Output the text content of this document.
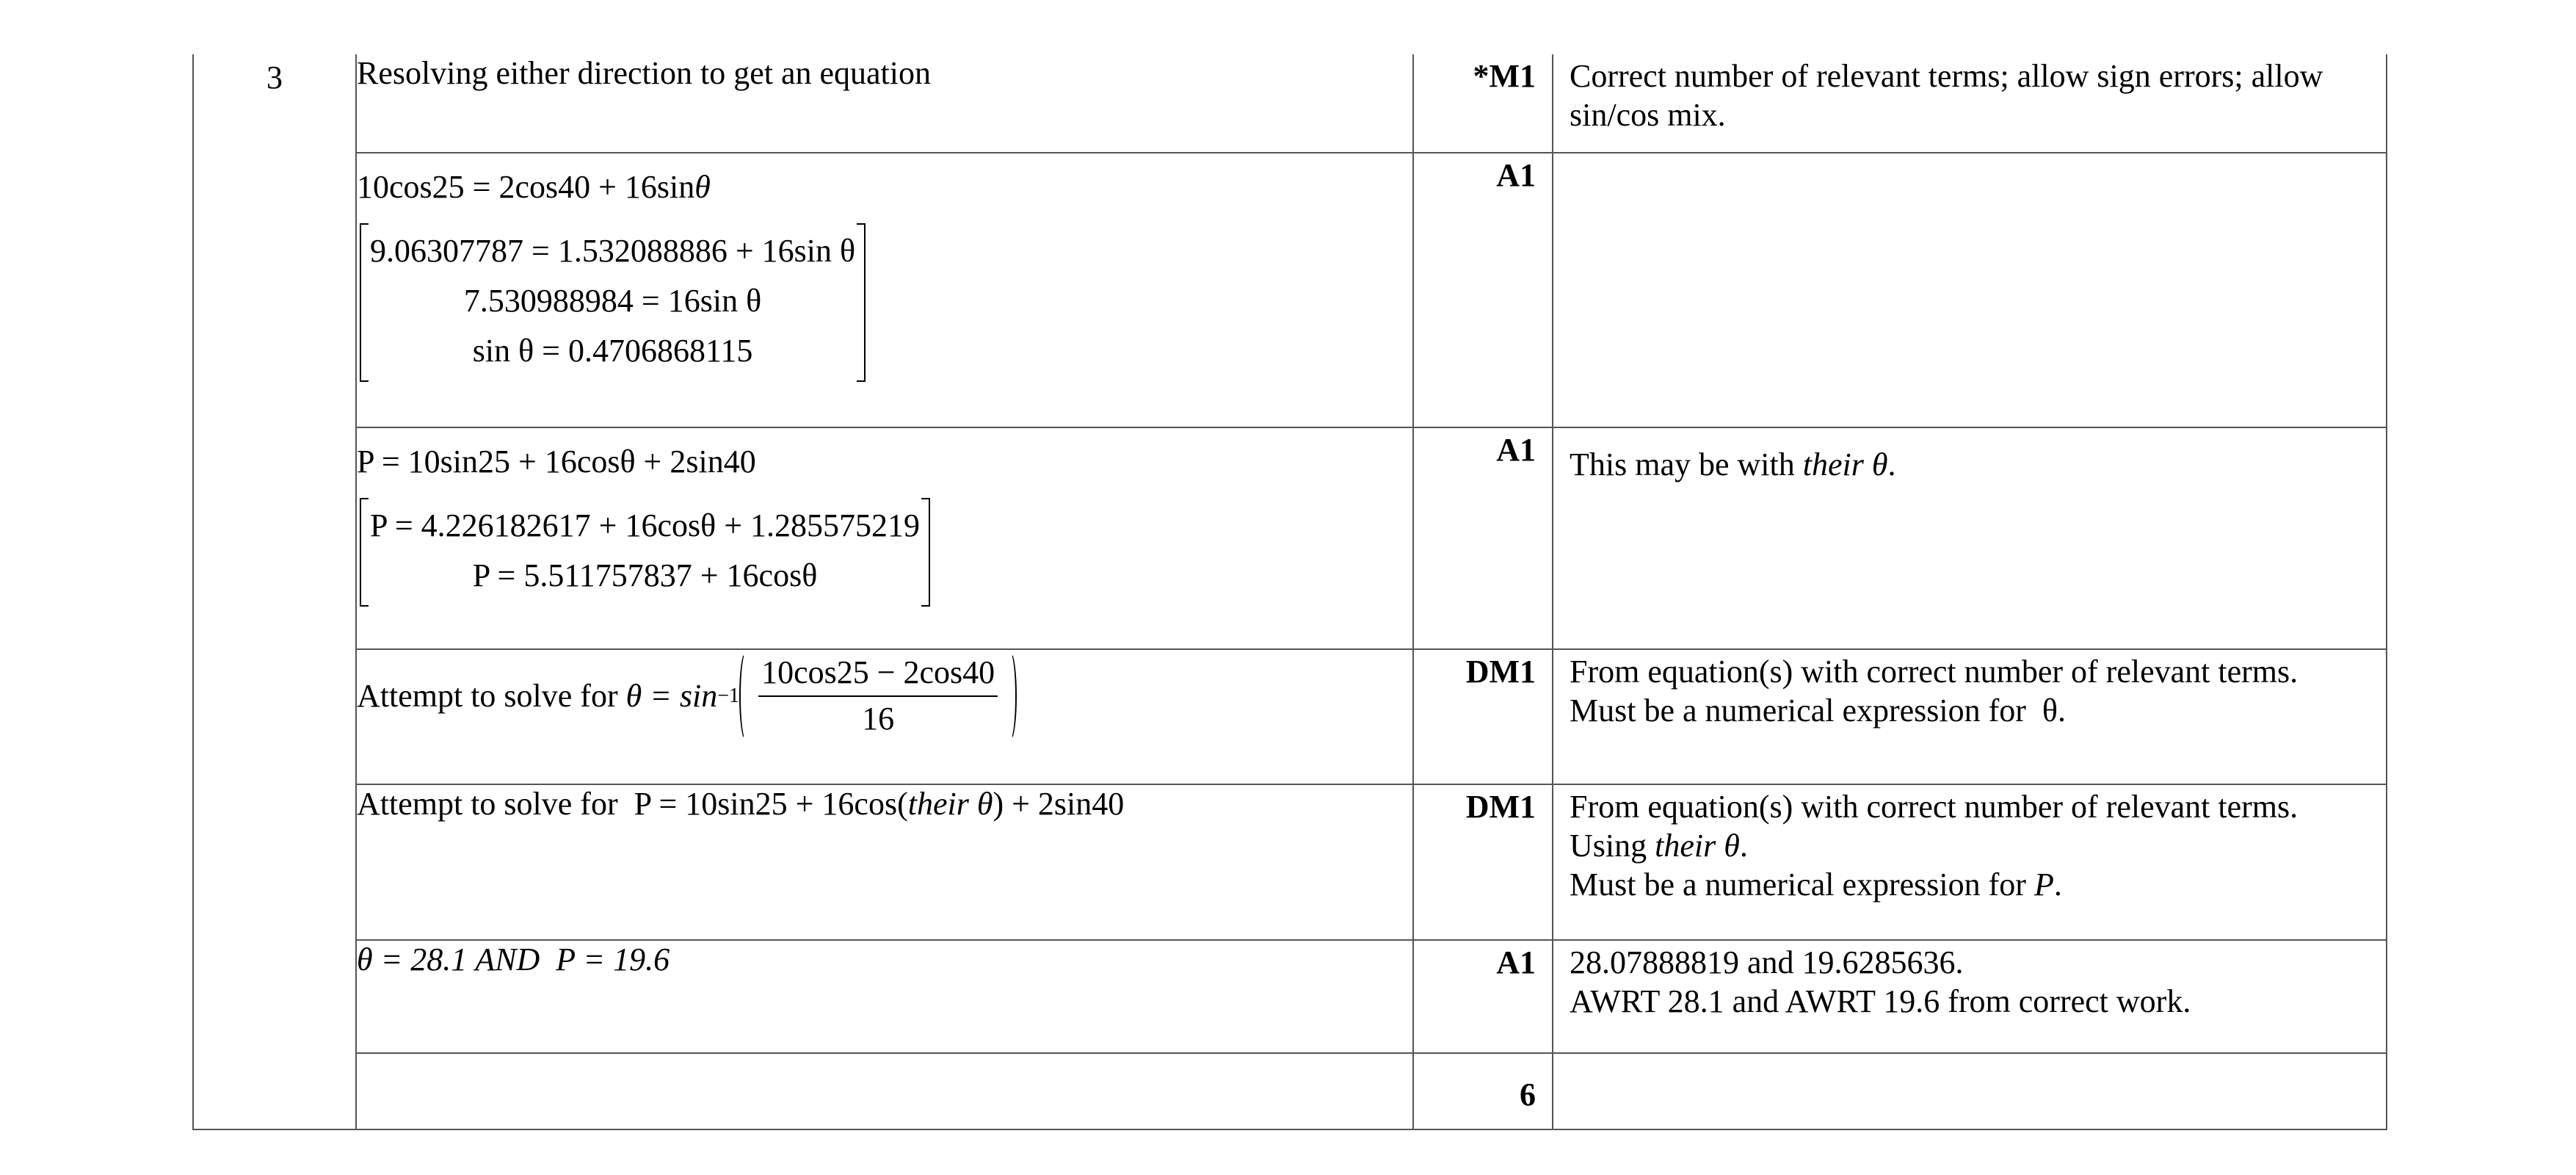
3	Resolving either direction to get an equation	*M1	Correct number of relevant terms; allow sign errors; allow
sin/cos mix.

	10cos25 = 2cos40 + 16sinθ
9.06307787 = 1.532088886 + 16sin θ
7.530988984 = 16sin θ
sin θ = 0.4706868115	A1	

	P = 10sin25 + 16cosθ + 2sin40
P = 4.226182617 + 16cosθ + 1.285575219
P = 5.511757837 + 16cosθ	A1	This may be with their θ.

	Attempt to solve for $\theta = \sin -1 \frac{10\cos 25 - 2\cos 40}{16}$	DM1	From equation(s) with correct number of relevant terms.
Must be a numerical expression for  θ.

	Attempt to solve for  P = 10sin25 + 16cos(their θ) + 2sin40	DM1	From equation(s) with correct number of relevant terms.
Using their θ.
Must be a numerical expression for P.

	θ = 28.1 AND  P = 19.6	A1	28.07888819 and 19.6285636.
AWRT 28.1 and AWRT 19.6 from correct work.

		6	
